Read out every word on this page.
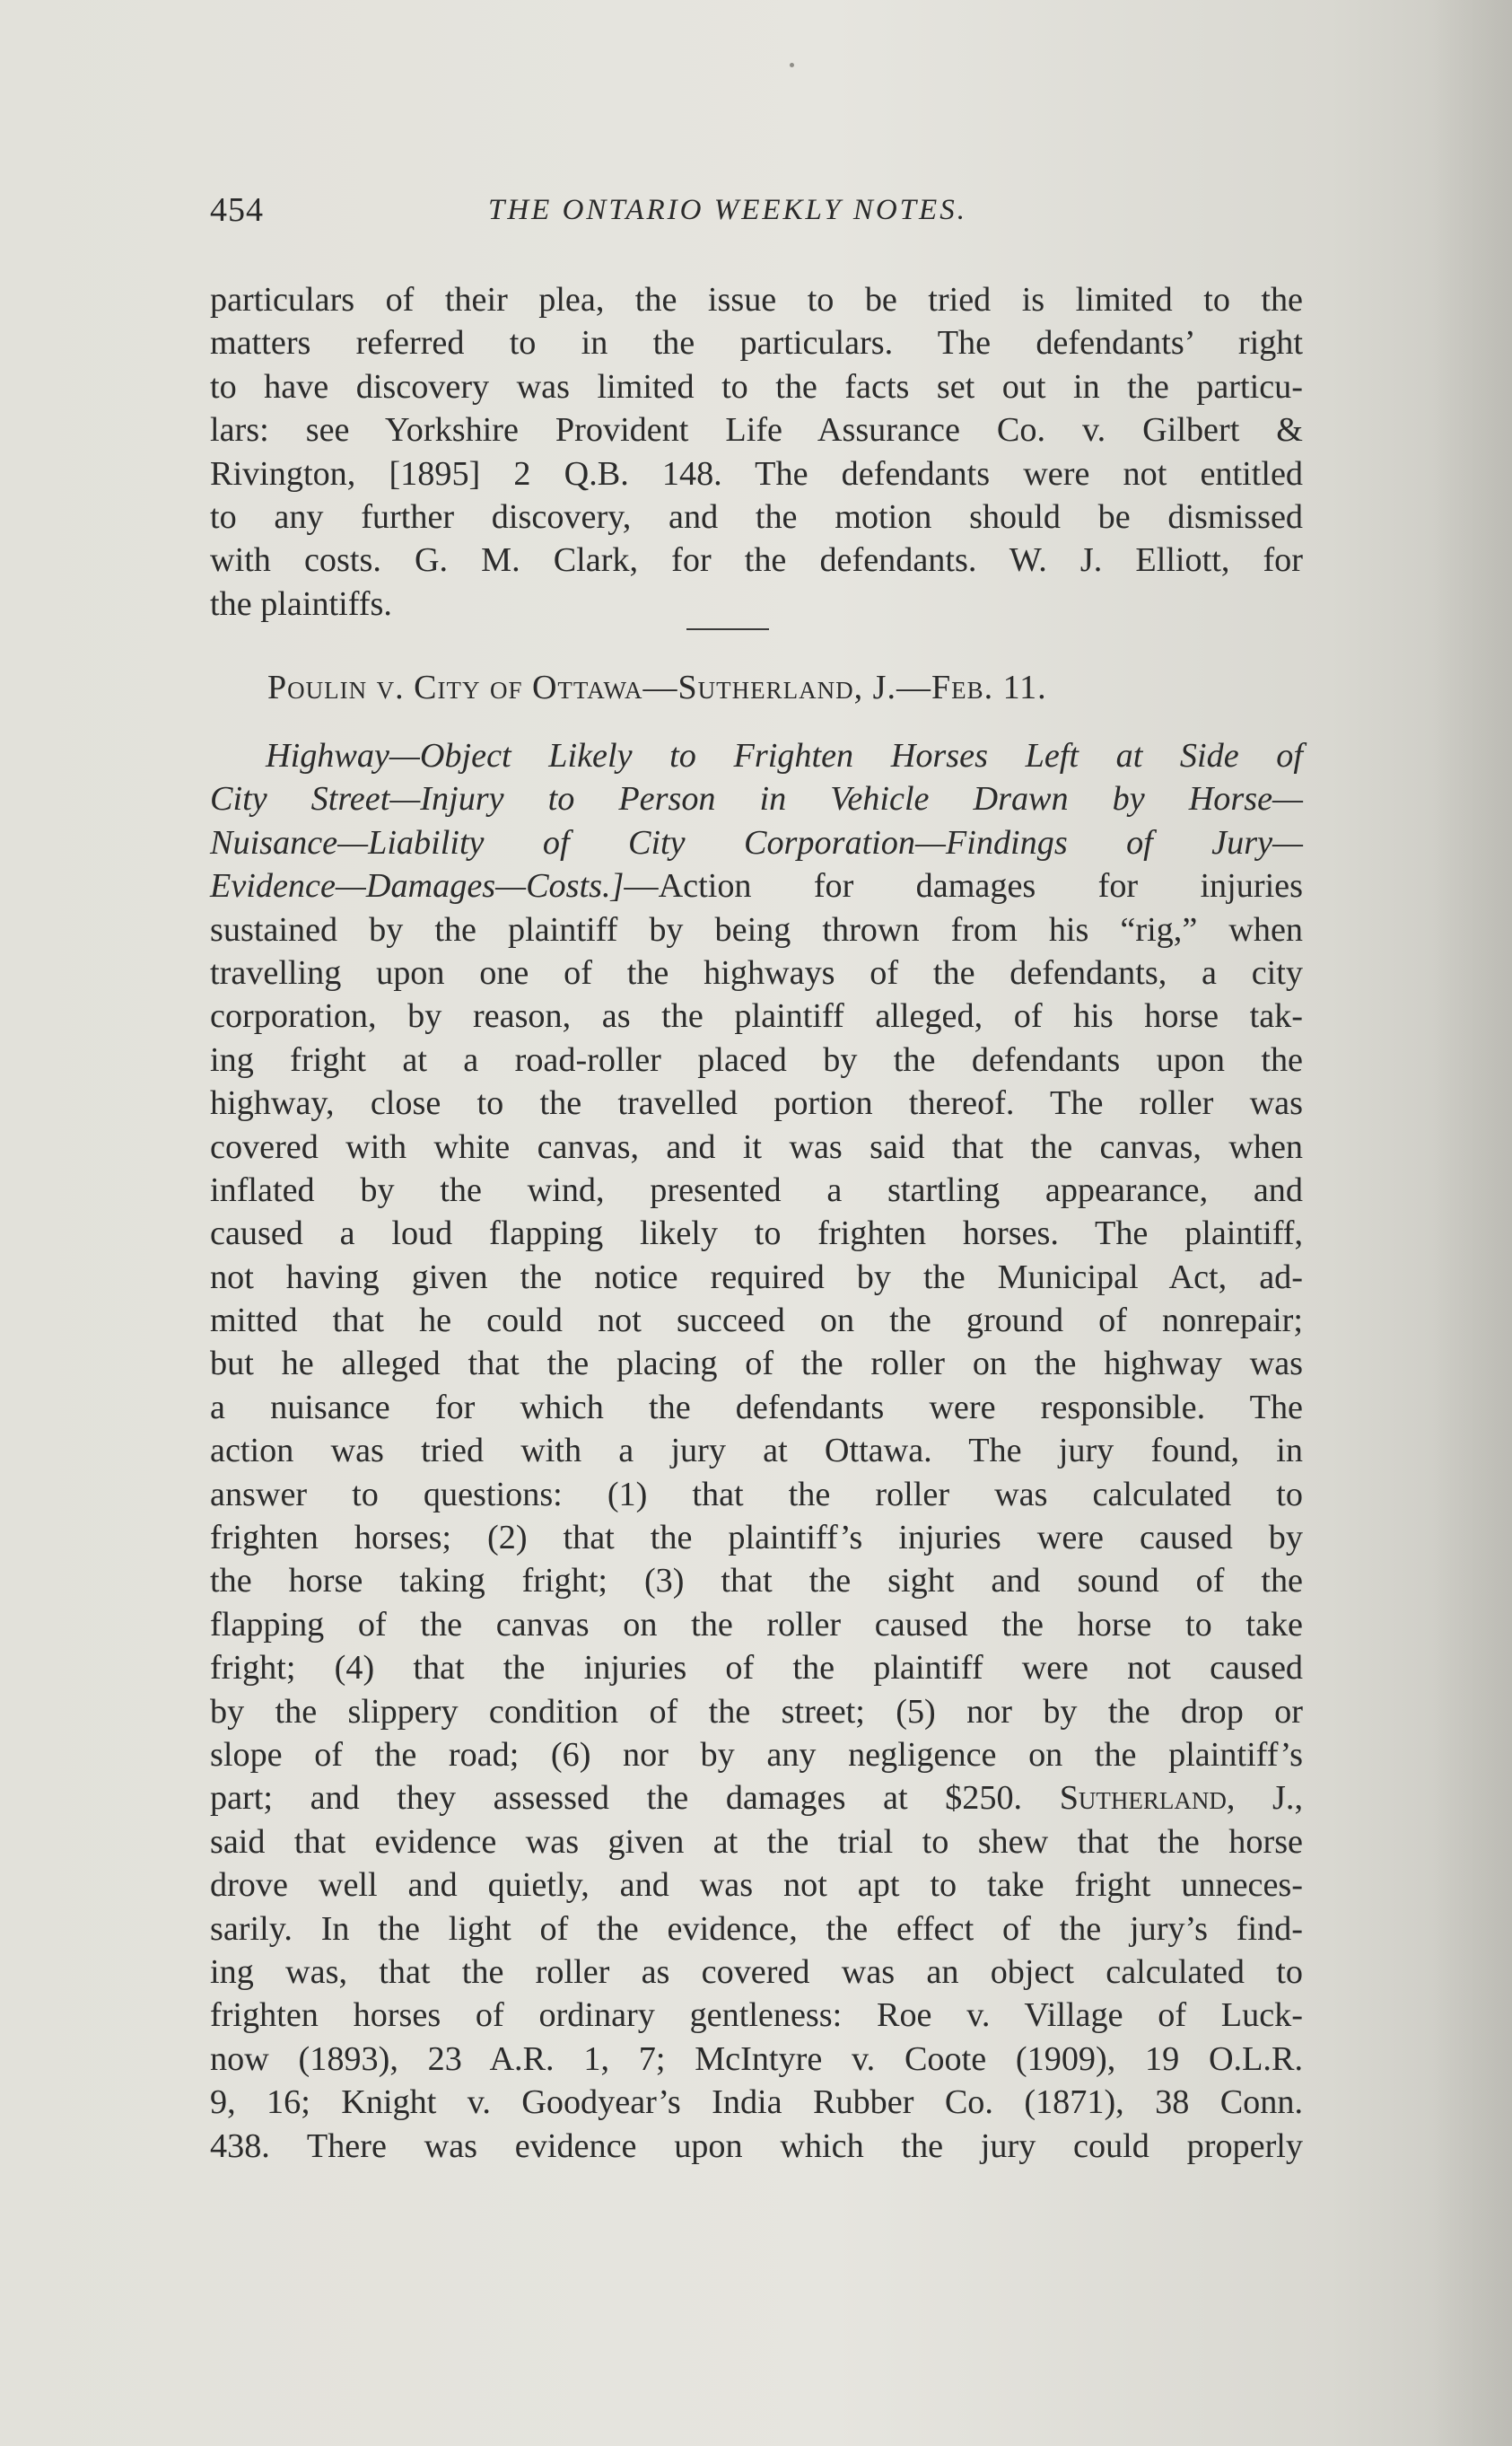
454	THE ONTARIO WEEKLY NOTES.
particulars of their plea, the issue to be tried is limited to the
matters referred to in the particulars. The defendants’ right
to have discovery was limited to the facts set out in the particu-
lars: see Yorkshire Provident Life Assurance Co. v. Gilbert &
Rivington, [1895] 2 Q.B. 148. The defendants were not entitled
to any further discovery, and the motion should be dismissed
with costs. G. M. Clark, for the defendants. W. J. Elliott, for
the plaintiffs.
Poulin v. City of Ottawa—Sutherland, J.—Feb. 11.
Highway—Object Likely to Frighten Horses Left at Side of
City Street—Injury to Person in Vehicle Drawn by Horse—
Nuisance—Liability of City Corporation—Findings of Jury—
Evidence—Damages—Costs.]—Action for damages for injuries
sustained by the plaintiff by being thrown from his “rig,” when
travelling upon one of the highways of the defendants, a city
corporation, by reason, as the plaintiff alleged, of his horse tak-
ing fright at a road-roller placed by the defendants upon the
highway, close to the travelled portion thereof. The roller was
covered with white canvas, and it was said that the canvas, when
inflated by the wind, presented a startling appearance, and
caused a loud flapping likely to frighten horses. The plaintiff,
not having given the notice required by the Municipal Act, ad-
mitted that he could not succeed on the ground of nonrepair;
but he alleged that the placing of the roller on the highway was
a nuisance for which the defendants were responsible. The
action was tried with a jury at Ottawa. The jury found, in
answer to questions: (1) that the roller was calculated to
frighten horses; (2) that the plaintiff’s injuries were caused by
the horse taking fright; (3) that the sight and sound of the
flapping of the canvas on the roller caused the horse to take
fright; (4) that the injuries of the plaintiff were not caused
by the slippery condition of the street; (5) nor by the drop or
slope of the road; (6) nor by any negligence on the plaintiff’s
part; and they assessed the damages at $250. Sutherland, J.,
said that evidence was given at the trial to shew that the horse
drove well and quietly, and was not apt to take fright unneces-
sarily. In the light of the evidence, the effect of the jury’s find-
ing was, that the roller as covered was an object calculated to
frighten horses of ordinary gentleness: Roe v. Village of Luck-
now (1893), 23 A.R. 1, 7; McIntyre v. Coote (1909), 19 O.L.R.
9, 16; Knight v. Goodyear’s India Rubber Co. (1871), 38 Conn.
438. There was evidence upon which the jury could properly
